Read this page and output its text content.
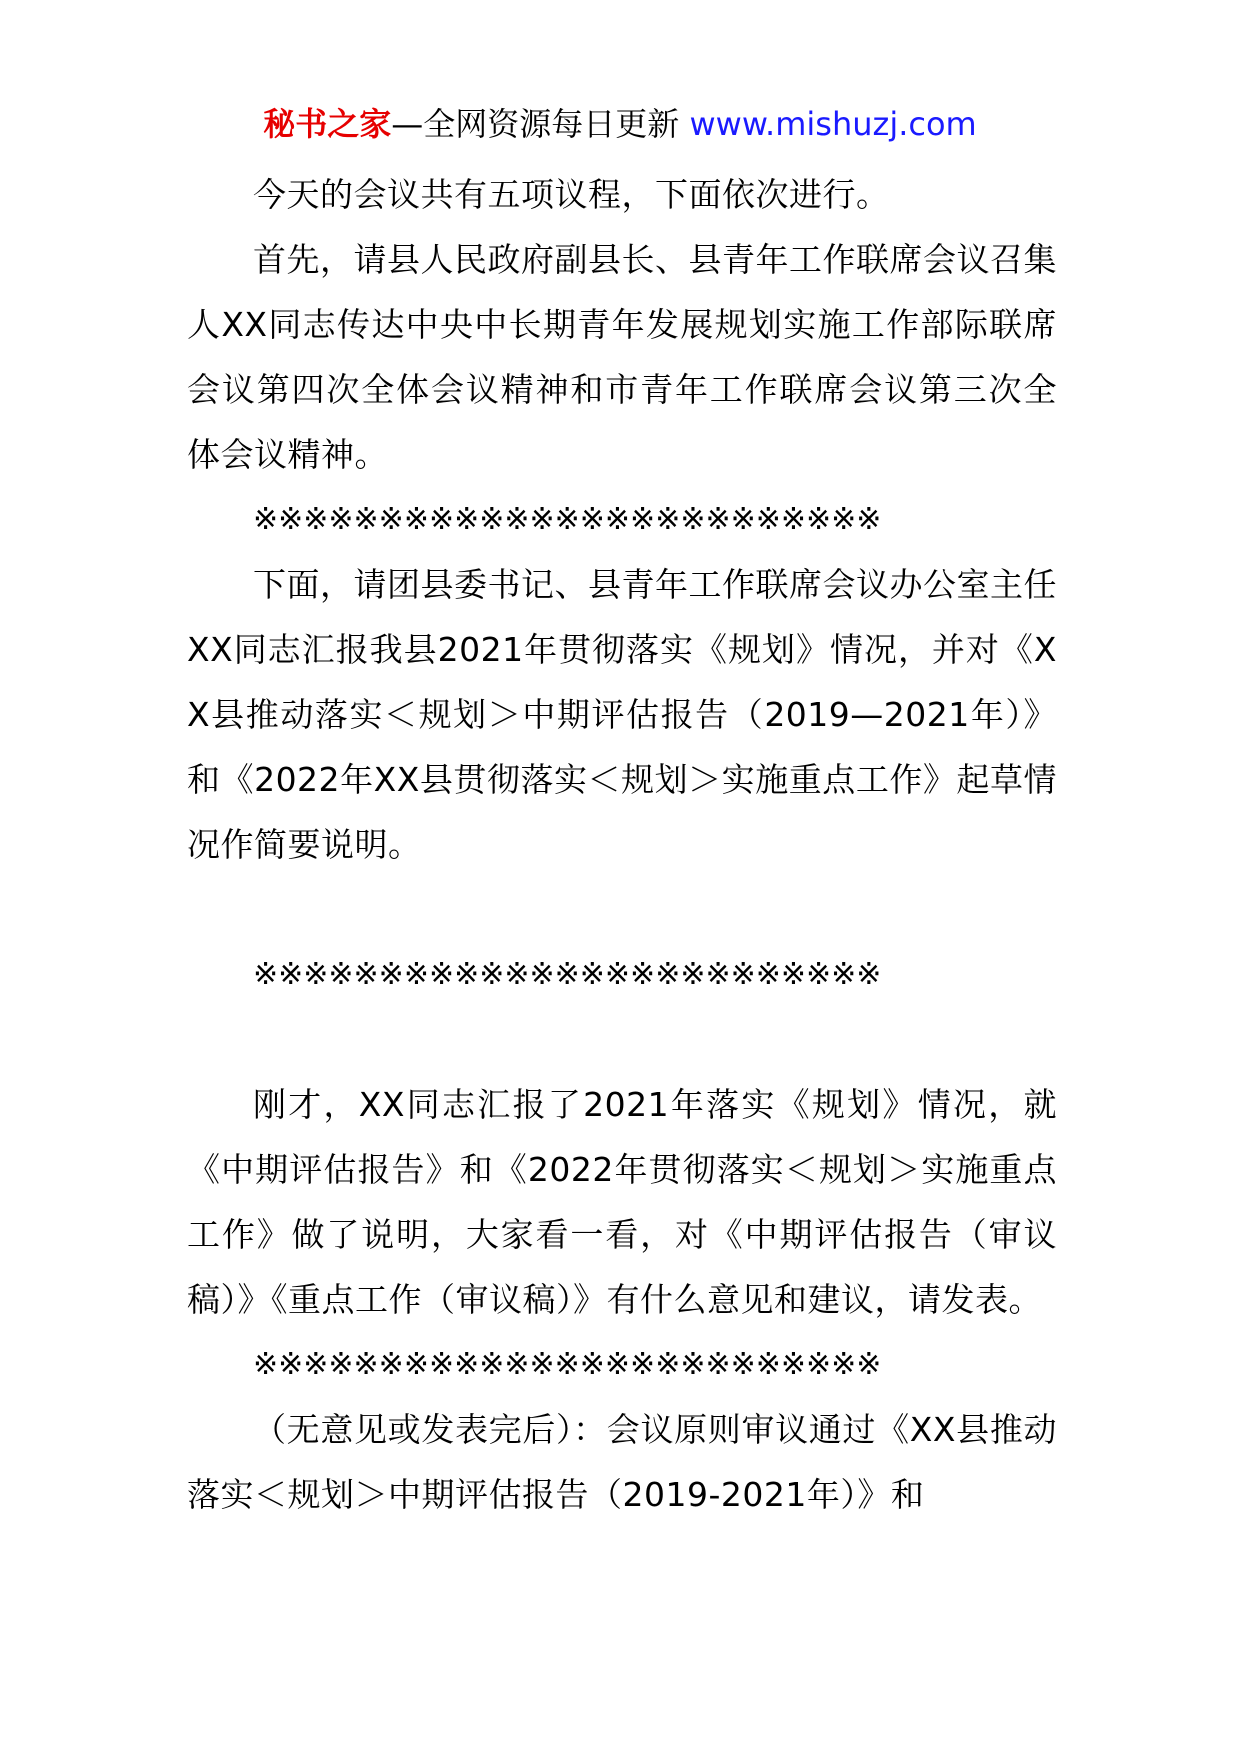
秘书之家—全网资源每日更新 www.mishuzj.com

今天的会议共有五项议程，下面依次进行。

首先，请县人民政府副县长、县青年工作联席会议召集人XX同志传达中央中长期青年发展规划实施工作部际联席会议第四次全体会议精神和市青年工作联席会议第三次全体会议精神。

※※※※※※※※※※※※※※※※※※※※※※※※※

下面，请团县委书记、县青年工作联席会议办公室主任XX同志汇报我县2021年贯彻落实《规划》情况，并对《XX县推动落实＜规划＞中期评估报告（2019—2021年）》和《2022年XX县贯彻落实＜规划＞实施重点工作》起草情况作简要说明。

※※※※※※※※※※※※※※※※※※※※※※※※※

刚才，XX同志汇报了2021年落实《规划》情况，就《中期评估报告》和《2022年贯彻落实＜规划＞实施重点工作》做了说明，大家看一看，对《中期评估报告（审议稿）》《重点工作（审议稿）》有什么意见和建议，请发表。

※※※※※※※※※※※※※※※※※※※※※※※※※

（无意见或发表完后）：会议原则审议通过《XX县推动落实＜规划＞中期评估报告（2019-2021年）》和
